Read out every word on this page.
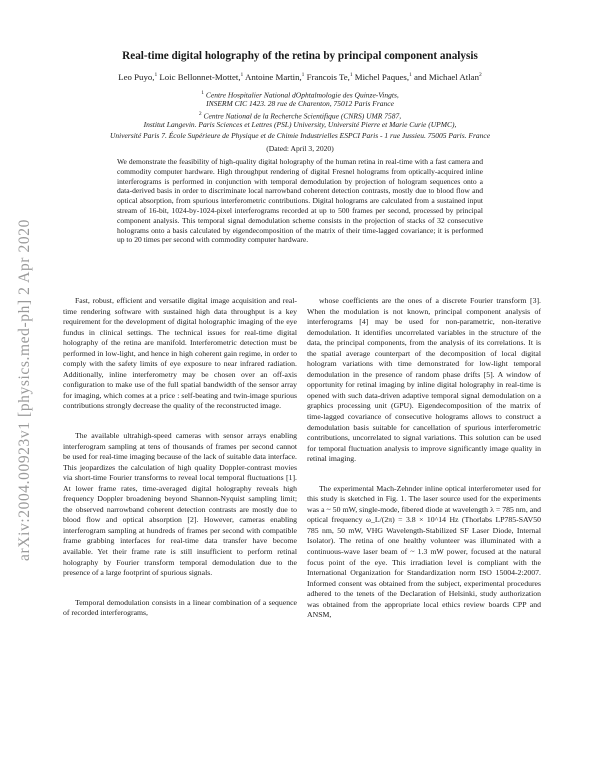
arXiv:2004.00923v1 [physics.med-ph] 2 Apr 2020
Real-time digital holography of the retina by principal component analysis
Leo Puyo,$^1$ Loic Bellonnet-Mottet,$^1$ Antoine Martin,$^1$ Francois Te,$^1$ Michel Paques,$^1$ and Michael Atlan$^2$
$^1$ Centre Hospitalier National dOphtalmologie des Quinze-Vingts,
INSERM CIC 1423. 28 rue de Charenton, 75012 Paris France
$^2$ Centre National de la Recherche Scientifique (CNRS) UMR 7587,
Institut Langevin. Paris Sciences et Lettres (PSL) University, Université Pierre et Marie Curie (UPMC),
Université Paris 7. École Supérieure de Physique et de Chimie Industrielles ESPCI Paris - 1 rue Jussieu. 75005 Paris. France
(Dated: April 3, 2020)
We demonstrate the feasibility of high-quality digital holography of the human retina in real-time with a fast camera and commodity computer hardware. High throughput rendering of digital Fresnel holograms from optically-acquired inline interferograms is performed in conjunction with temporal demodulation by projection of hologram sequences onto a data-derived basis in order to discriminate local narrowband coherent detection contrasts, mostly due to blood flow and optical absorption, from spurious interferometric contributions. Digital holograms are calculated from a sustained input stream of 16-bit, 1024-by-1024-pixel interferograms recorded at up to 500 frames per second, processed by principal component analysis. This temporal signal demodulation scheme consists in the projection of stacks of 32 consecutive holograms onto a basis calculated by eigendecomposition of the matrix of their time-lagged covariance; it is performed up to 20 times per second with commodity computer hardware.

Fast, robust, efficient and versatile digital image acquisition and real-time rendering software with sustained high data throughput is a key requirement for the development of digital holographic imaging of the eye fundus in clinical settings. The technical issues for real-time digital holography of the retina are manifold. Interferometric detection must be performed in low-light, and hence in high coherent gain regime, in order to comply with the safety limits of eye exposure to near infrared radiation. Additionally, inline interferometry may be chosen over an off-axis configuration to make use of the full spatial bandwidth of the sensor array for imaging, which comes at a price : self-beating and twin-image spurious contributions strongly decrease the quality of the reconstructed image.

The available ultrahigh-speed cameras with sensor arrays enabling interferogram sampling at tens of thousands of frames per second cannot be used for real-time imaging because of the lack of suitable data interface. This jeopardizes the calculation of high quality Doppler-contrast movies via short-time Fourier transforms to reveal local temporal fluctuations [1]. At lower frame rates, time-averaged digital holography reveals high frequency Doppler broadening beyond Shannon-Nyquist sampling limit; the observed narrowband coherent detection contrasts are mostly due to blood flow and optical absorption [2]. However, cameras enabling interferogram sampling at hundreds of frames per second with compatible frame grabbing interfaces for real-time data transfer have become available. Yet their frame rate is still insufficient to perform retinal holography by Fourier transform temporal demodulation due to the presence of a large footprint of spurious signals.

Temporal demodulation consists in a linear combination of a sequence of recorded interferograms,

whose coefficients are the ones of a discrete Fourier transform [3]. When the modulation is not known, principal component analysis of interferograms [4] may be used for non-parametric, non-iterative demodulation. It identifies uncorrelated variables in the structure of the data, the principal components, from the analysis of its correlations. It is the spatial average counterpart of the decomposition of local digital hologram variations with time demonstrated for low-light temporal demodulation in the presence of random phase drifts [5]. A window of opportunity for retinal imaging by inline digital holography in real-time is opened with such data-driven adaptive temporal signal demodulation on a graphics processing unit (GPU). Eigendecomposition of the matrix of time-lagged covariance of consecutive holograms allows to construct a demodulation basis suitable for cancellation of spurious interferometric contributions, uncorrelated to signal variations. This solution can be used for temporal fluctuation analysis to improve significantly image quality in retinal imaging.

The experimental Mach-Zehnder inline optical interferometer used for this study is sketched in Fig. 1. The laser source used for the experiments was a ~ 50 mW, single-mode, fibered diode at wavelength λ = 785 nm, and optical frequency ω_L/(2π) = 3.8 × 10^14 Hz (Thorlabs LP785-SAV50 785 nm, 50 mW, VHG Wavelength-Stabilized SF Laser Diode, Internal Isolator). The retina of one healthy volunteer was illuminated with a continuous-wave laser beam of ~ 1.3 mW power, focused at the natural focus point of the eye. This irradiation level is compliant with the International Organization for Standardization norm ISO 15004-2:2007. Informed consent was obtained from the subject, experimental procedures adhered to the tenets of the Declaration of Helsinki, study authorization was obtained from the appropriate local ethics review boards CPP and ANSM,
